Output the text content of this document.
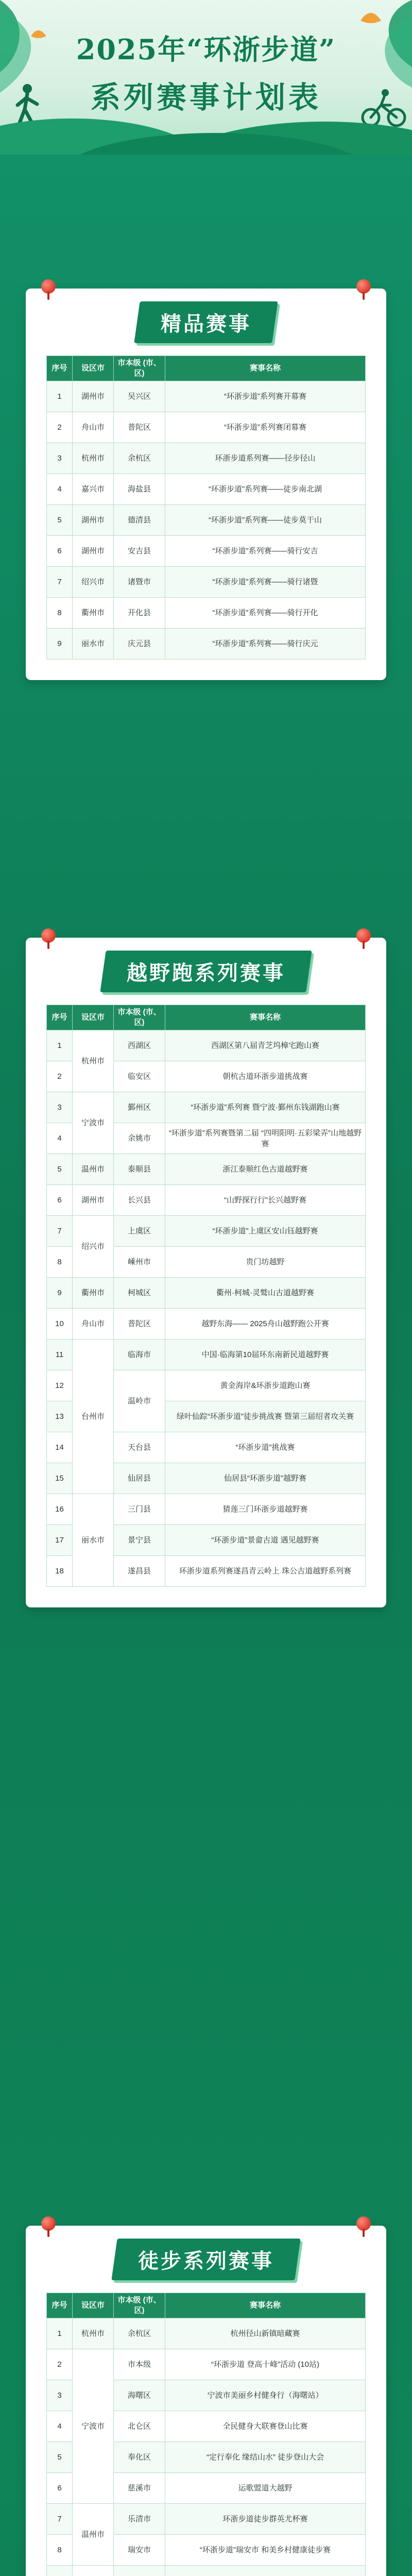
2025年“环浙步道”
系列赛事计划表
精品赛事
序号	设区市	市本级 (市、区)	赛事名称
1	湖州市	吴兴区	“环浙步道”系列赛开幕赛
2	舟山市	普陀区	“环浙步道”系列赛闭幕赛
3	杭州市	余杭区	环浙步道系列赛——径步径山
4	嘉兴市	海盐县	“环浙步道”系列赛——徒步南北湖
5	湖州市	德清县	“环浙步道”系列赛——徒步莫干山
6	湖州市	安吉县	“环浙步道”系列赛——骑行安吉
7	绍兴市	诸暨市	“环浙步道”系列赛——骑行诸暨
8	衢州市	开化县	“环浙步道”系列赛——骑行开化
9	丽水市	庆元县	“环浙步道”系列赛——骑行庆元
越野跑系列赛事
序号	设区市	市本级 (市、区)	赛事名称
1	杭州市	西湖区	西湖区第八届青芝坞樟宅跑山赛
2		临安区	朝杭古道环浙步道挑战赛
3	宁波市	鄞州区	“环浙步道”系列赛 暨宁波·鄞州东钱湖跑山赛
4		余姚市	“环浙步道”系列赛暨第二届 “四明阳明·五彩梁弄”山地越野赛
5	温州市	泰顺县	浙江泰顺红色古道越野赛
6	湖州市	长兴县	“山野探行行”长兴越野赛
7	绍兴市	上虞区	“环浙步道”上虞区安山钰越野赛
8		嵊州市	贵门坊越野
9	衢州市	柯城区	衢州·柯城·灵鹫山古道越野赛
10	舟山市	普陀区	越野东海—— 2025舟山越野跑公开赛
11	台州市	临海市	中国·临海第10届环东南新民道越野赛
12		温岭市	黄金海岸&环浙步道跑山赛
13			绿叶仙踪“环浙步道”徒步挑战赛 暨第三届绍者攻关赛
14		天台县	“环浙步道”挑战赛
15		仙居县	仙居县“环浙步道”越野赛
16	丽水市	三门县	猜莲三门环浙步道越野赛
17		景宁县	“环浙步道”景畲古道 遇见越野赛
18		遂昌县	环浙步道系列赛遂昌青云岭上 珠公古道越野系列赛
徒步系列赛事
序号	设区市	市本级 (市、区)	赛事名称
1	杭州市	余杭区	杭州径山新镇暗藏赛
2	宁波市	市本级	“环浙步道 登高十峰”活动 (10站)
3		海曙区	宁波市美丽乡村健身行（海曙站）
4		北仑区	全民健身大联赛登山比赛
5		奉化区	“定行奉化 缘结山水” 徒步登山大会
6		慈溪市	运歌盟道大越野
7	温州市	乐清市	环浙步道徒步群英尤杯赛
8		瑞安市	“环浙步道”瑞安市 和美乡村健康徒步赛
